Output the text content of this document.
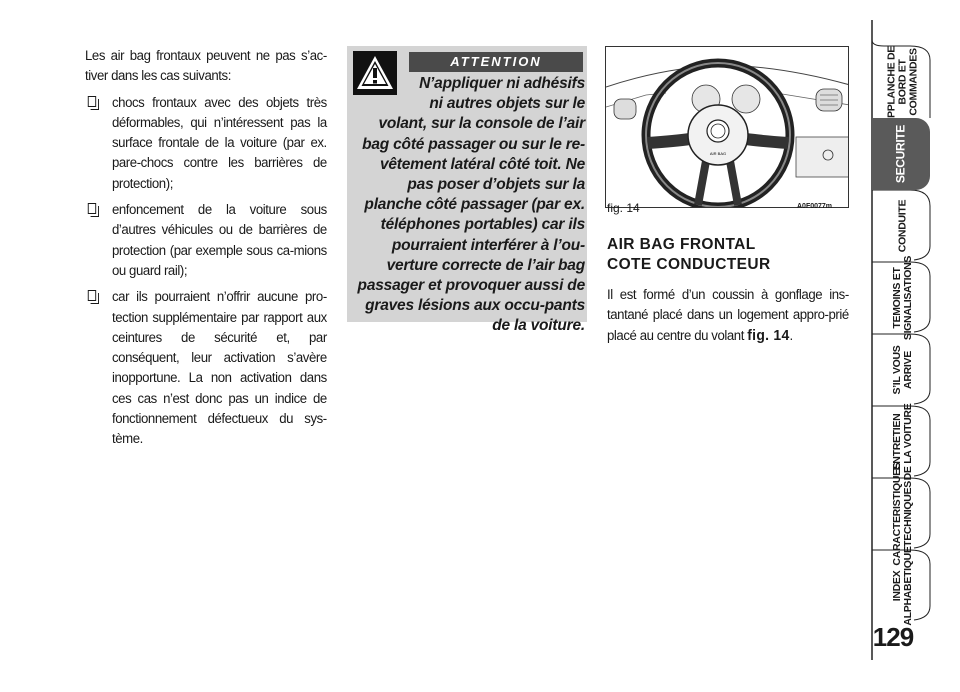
Les air bag frontaux peuvent ne pas s’ac-tiver dans les cas suivants:

chocs frontaux avec des objets très déformables, qui n’intéressent pas la surface frontale de la voiture (par ex. pare-chocs contre les barrières de protection);
enfoncement de la voiture sous d’autres véhicules ou de barrières de protection (par exemple sous ca-mions ou guard rail);
car ils pourraient n’offrir aucune pro-tection supplémentaire par rapport aux ceintures de sécurité et, par conséquent, leur activation s’avère inopportune. La non activation dans ces cas n’est donc pas un indice de fonctionnement défectueux du sys-tème.
ATTENTION
N’appliquer ni adhésifs ni autres objets sur le
volant, sur la console de l’air bag côté passager ou sur le re-vêtement latéral côté toit. Ne pas poser d’objets sur la planche côté passager (par ex. téléphones portables) car ils pourraient interférer à l’ou-verture correcte de l’air bag passager et provoquer aussi de graves lésions aux occu-pants de la voiture.
AIR BAG
fig. 14	A0F0077m
AIR BAG FRONTAL
COTE CONDUCTEUR
Il est formé d’un coussin à gonflage ins-tantané placé dans un logement appro-prié placé au centre du volant fig. 14.
PPLANCHE DE
BORD ET
COMMANDES
SECURITE
CONDUITE
TEMOINS ET
SIGNALISATIONS
S’IL VOUS
ARRIVE
ENTRETIEN
DE LA VOITURE
CARACTERISTIQUES
TECHNIQUES
INDEX
ALPHABETIQUE
129
